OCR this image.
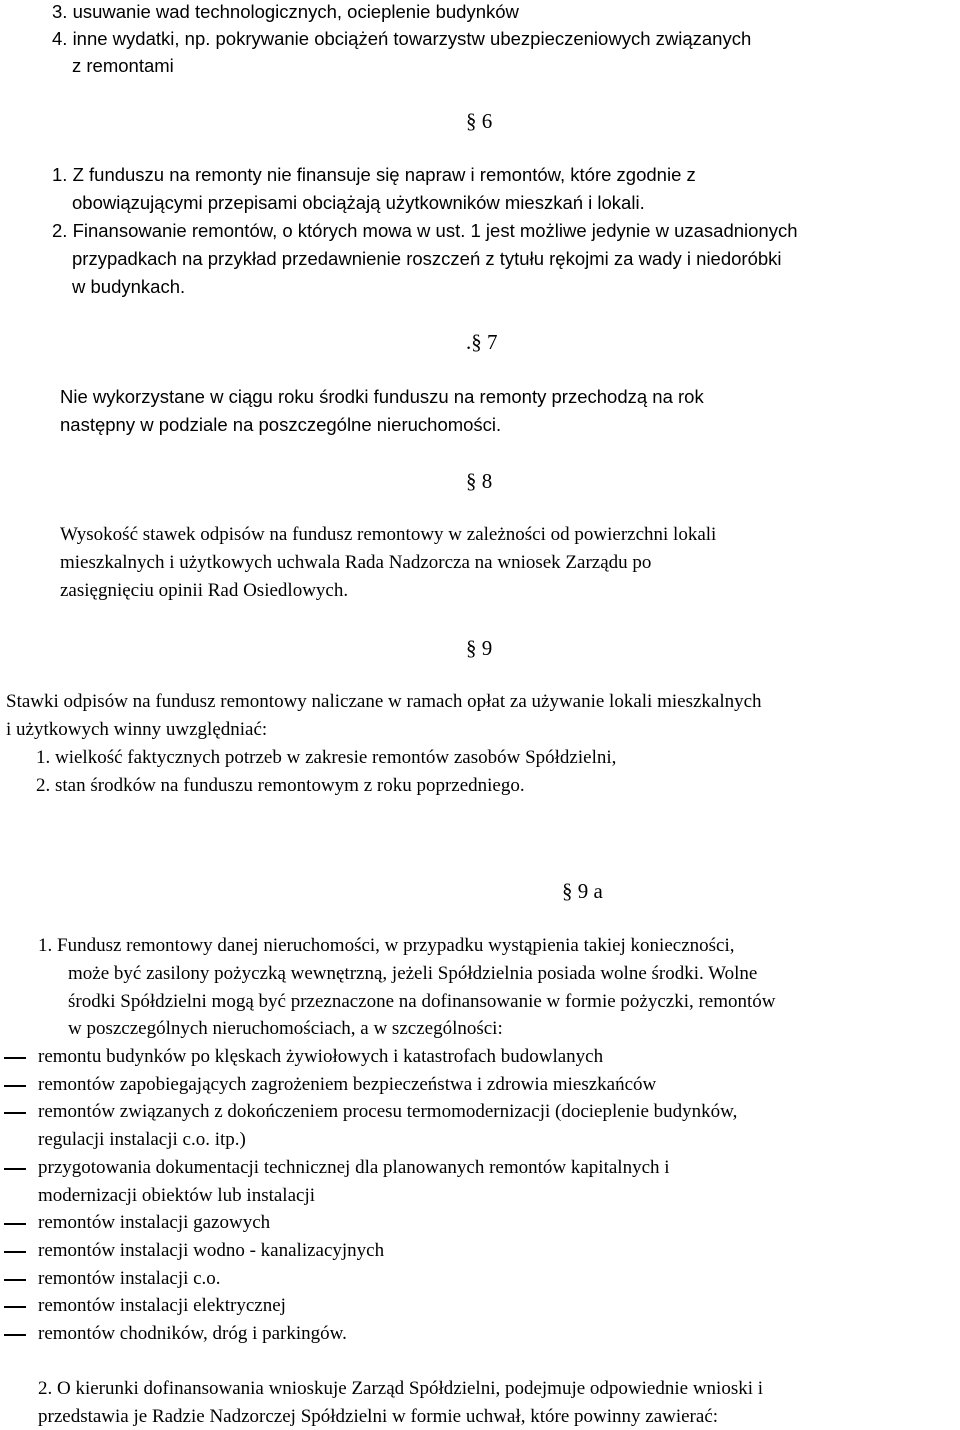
3. usuwanie wad technologicznych, ocieplenie budynków

4. inne wydatki, np. pokrywanie obciążeń towarzystw ubezpieczeniowych związanych

z remontami

§ 6

1. Z funduszu na remonty nie finansuje się napraw i remontów, które zgodnie z

obowiązującymi przepisami obciążają użytkowników mieszkań i lokali.

2. Finansowanie remontów, o których mowa w ust. 1 jest możliwe jedynie w uzasadnionych

przypadkach na przykład przedawnienie roszczeń z tytułu rękojmi za wady i niedoróbki

w budynkach.

.§ 7

Nie wykorzystane w ciągu roku środki funduszu na remonty przechodzą na rok

następny w podziale na poszczególne nieruchomości.

§ 8

Wysokość stawek odpisów na fundusz remontowy w zależności od powierzchni lokali

mieszkalnych i użytkowych uchwala Rada Nadzorcza na wniosek Zarządu po

zasięgnięciu opinii Rad Osiedlowych.

§ 9

Stawki odpisów na fundusz remontowy naliczane w ramach opłat za używanie lokali mieszkalnych

i użytkowych winny uwzględniać:

1. wielkość faktycznych potrzeb w zakresie remontów zasobów Spółdzielni,

2. stan środków na funduszu remontowym z roku poprzedniego.

§ 9 a

1. Fundusz remontowy danej nieruchomości, w przypadku wystąpienia takiej konieczności,

może być zasilony pożyczką wewnętrzną, jeżeli Spółdzielnia posiada wolne środki. Wolne

środki Spółdzielni mogą być przeznaczone na dofinansowanie w formie pożyczki, remontów

w poszczególnych nieruchomościach, a w szczególności:

remontu budynków po klęskach żywiołowych i katastrofach budowlanych

remontów zapobiegających zagrożeniem bezpieczeństwa i zdrowia mieszkańców

remontów związanych z dokończeniem procesu termomodernizacji (docieplenie budynków,

regulacji instalacji c.o. itp.)

przygotowania dokumentacji technicznej dla planowanych remontów kapitalnych i

modernizacji obiektów lub instalacji

remontów instalacji gazowych

remontów instalacji wodno - kanalizacyjnych

remontów instalacji c.o.

remontów instalacji elektrycznej

remontów chodników, dróg i parkingów.

2. O kierunki dofinansowania wnioskuje Zarząd Spółdzielni, podejmuje odpowiednie wnioski i

przedstawia je Radzie Nadzorczej Spółdzielni w formie uchwał, które powinny zawierać:
